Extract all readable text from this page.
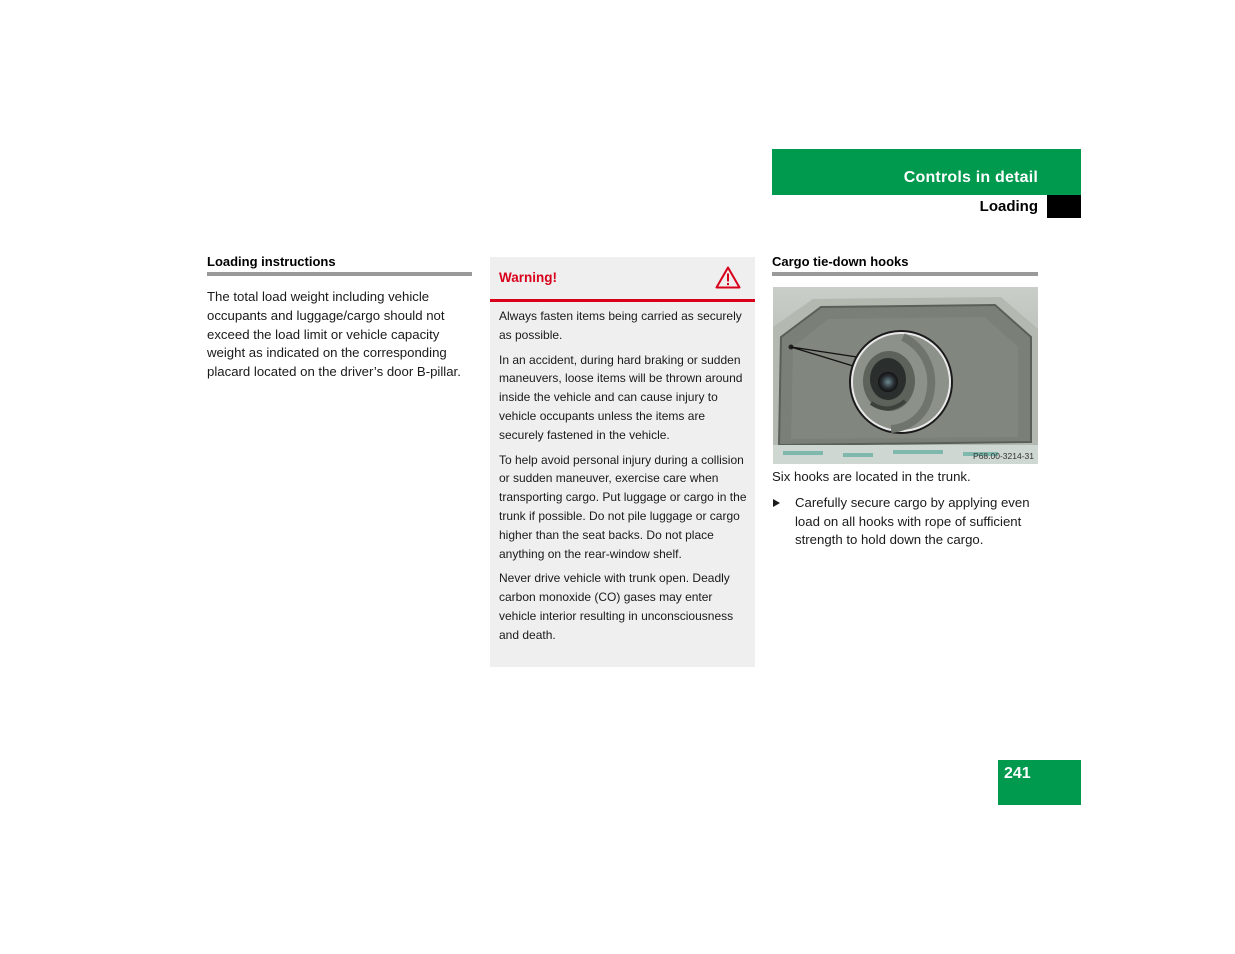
Controls in detail
Loading
Loading instructions
The total load weight including vehicle occupants and luggage/cargo should not exceed the load limit or vehicle capacity weight as indicated on the corresponding placard located on the driver’s door B-pillar.
Warning!

Always fasten items being carried as securely as possible.

In an accident, during hard braking or sudden maneuvers, loose items will be thrown around inside the vehicle and can cause injury to vehicle occupants unless the items are securely fastened in the vehicle.

To help avoid personal injury during a collision or sudden maneuver, exercise care when transporting cargo. Put luggage or cargo in the trunk if possible. Do not pile luggage or cargo higher than the seat backs. Do not place anything on the rear-window shelf.

Never drive vehicle with trunk open. Deadly carbon monoxide (CO) gases may enter vehicle interior resulting in unconsciousness and death.

Cargo tie-down hooks
P68.00-3214-31

Six hooks are located in the trunk.

Carefully secure cargo by applying even load on all hooks with rope of sufficient strength to hold down the cargo.
241
